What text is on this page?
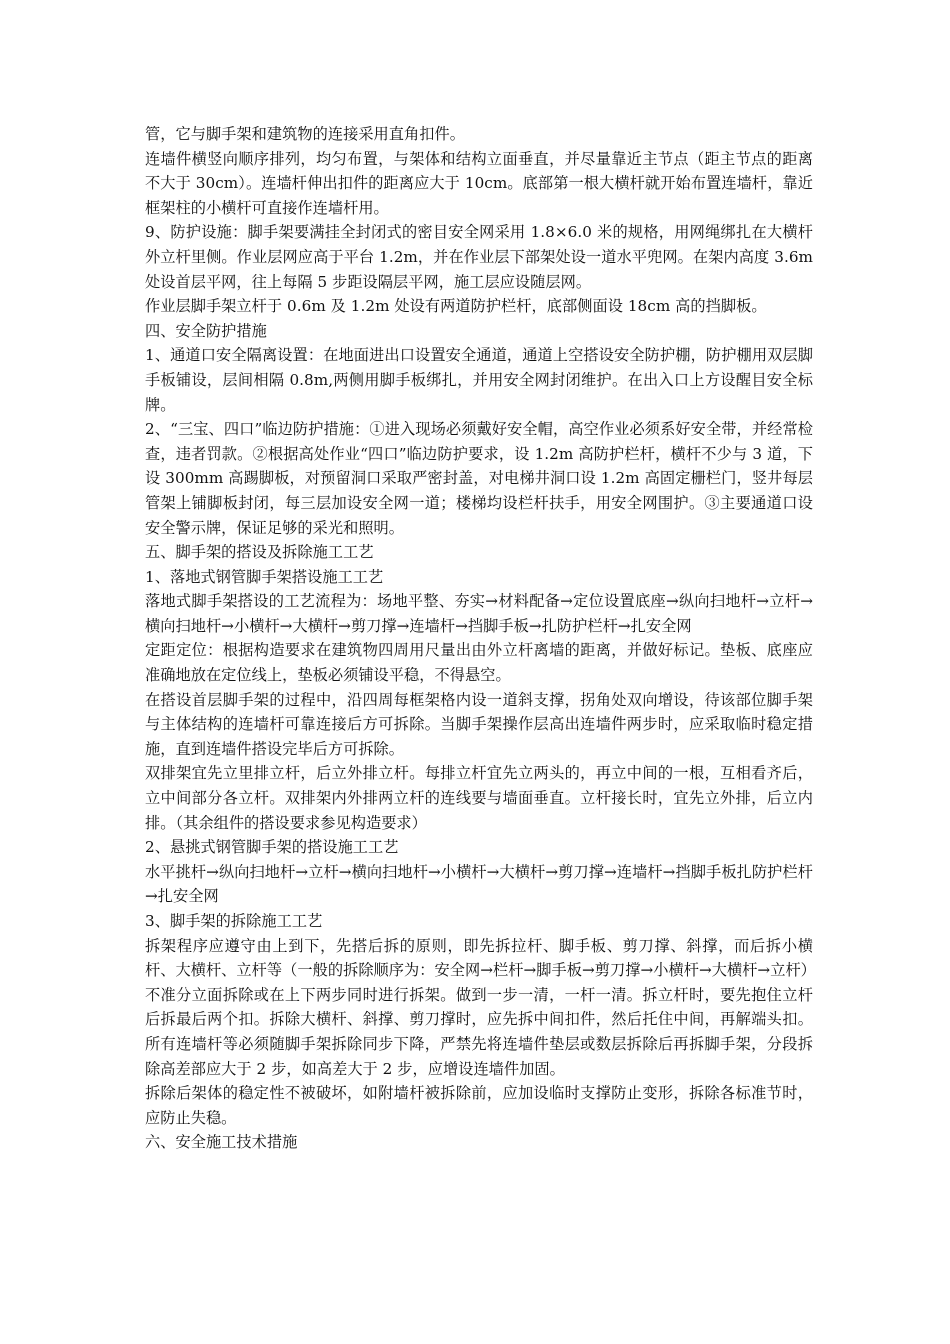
管，它与脚手架和建筑物的连接采用直角扣件。

连墙件横竖向顺序排列，均匀布置，与架体和结构立面垂直，并尽量靠近主节点（距主节点的距离不大于 30cm）。连墙杆伸出扣件的距离应大于 10cm。底部第一根大横杆就开始布置连墙杆，靠近框架柱的小横杆可直接作连墙杆用。

9、防护设施：脚手架要满挂全封闭式的密目安全网采用 1.8×6.0 米的规格，用网绳绑扎在大横杆外立杆里侧。作业层网应高于平台 1.2m，并在作业层下部架处设一道水平兜网。在架内高度 3.6m 处设首层平网，往上每隔 5 步距设隔层平网，施工层应设随层网。

作业层脚手架立杆于 0.6m 及 1.2m 处设有两道防护栏杆，底部侧面设 18cm 高的挡脚板。

四、安全防护措施

1、通道口安全隔离设置：在地面进出口设置安全通道，通道上空搭设安全防护棚，防护棚用双层脚手板铺设，层间相隔 0.8m,两侧用脚手板绑扎，并用安全网封闭维护。在出入口上方设醒目安全标牌。

2、“三宝、四口”临边防护措施：①进入现场必须戴好安全帽，高空作业必须系好安全带，并经常检查，违者罚款。②根据高处作业“四口”临边防护要求，设 1.2m 高防护栏杆，横杆不少与 3 道，下设 300mm 高踢脚板，对预留洞口采取严密封盖，对电梯井洞口设 1.2m 高固定栅栏门，竖井每层管架上铺脚板封闭，每三层加设安全网一道；楼梯均设栏杆扶手，用安全网围护。③主要通道口设安全警示牌，保证足够的采光和照明。

五、脚手架的搭设及拆除施工工艺

1、落地式钢管脚手架搭设施工工艺

落地式脚手架搭设的工艺流程为：场地平整、夯实→材料配备→定位设置底座→纵向扫地杆→立杆→横向扫地杆→小横杆→大横杆→剪刀撑→连墙杆→挡脚手板→扎防护栏杆→扎安全网

定距定位：根据构造要求在建筑物四周用尺量出由外立杆离墙的距离，并做好标记。垫板、底座应准确地放在定位线上，垫板必须铺设平稳，不得悬空。

在搭设首层脚手架的过程中，沿四周每框架格内设一道斜支撑，拐角处双向增设，待该部位脚手架与主体结构的连墙杆可靠连接后方可拆除。当脚手架操作层高出连墙件两步时，应采取临时稳定措施，直到连墙件搭设完毕后方可拆除。

双排架宜先立里排立杆，后立外排立杆。每排立杆宜先立两头的，再立中间的一根，互相看齐后，立中间部分各立杆。双排架内外排两立杆的连线要与墙面垂直。立杆接长时，宜先立外排，后立内排。（其余组件的搭设要求参见构造要求）

2、悬挑式钢管脚手架的搭设施工工艺

水平挑杆→纵向扫地杆→立杆→横向扫地杆→小横杆→大横杆→剪刀撑→连墙杆→挡脚手板扎防护栏杆→扎安全网

3、脚手架的拆除施工工艺

拆架程序应遵守由上到下，先搭后拆的原则，即先拆拉杆、脚手板、剪刀撑、斜撑，而后拆小横杆、大横杆、立杆等（一般的拆除顺序为：安全网→栏杆→脚手板→剪刀撑→小横杆→大横杆→立杆）

不准分立面拆除或在上下两步同时进行拆架。做到一步一清，一杆一清。拆立杆时，要先抱住立杆后拆最后两个扣。拆除大横杆、斜撑、剪刀撑时，应先拆中间扣件，然后托住中间，再解端头扣。所有连墙杆等必须随脚手架拆除同步下降，严禁先将连墙件垫层或数层拆除后再拆脚手架，分段拆除高差部应大于 2 步，如高差大于 2 步，应增设连墙件加固。

拆除后架体的稳定性不被破坏，如附墙杆被拆除前，应加设临时支撑防止变形，拆除各标准节时，应防止失稳。

六、安全施工技术措施
